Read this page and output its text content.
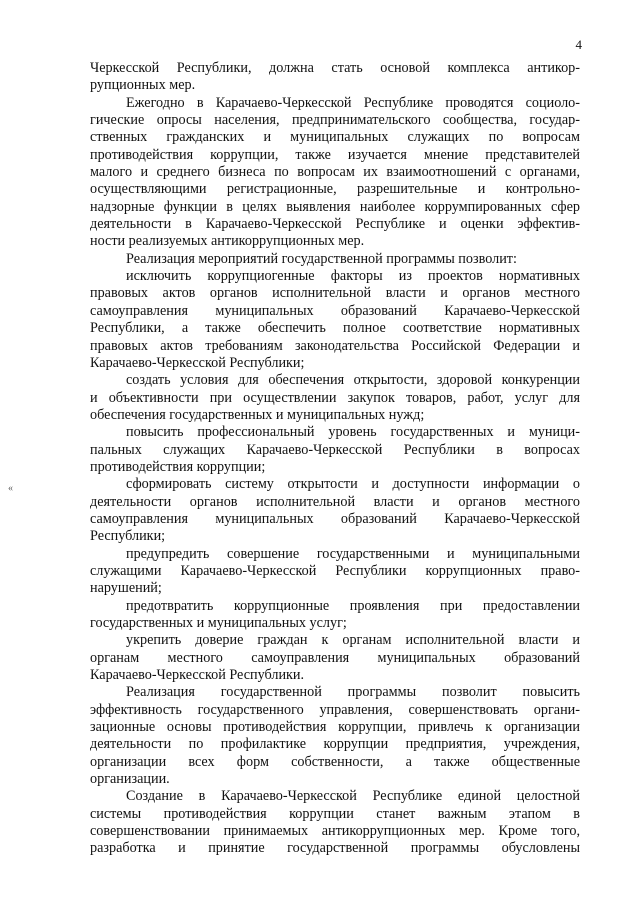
4
«
Черкесской Республики, должна стать основой комплекса антикор-
рупционных мер.
Ежегодно в Карачаево-Черкесской Республике проводятся социоло-
гические опросы населения, предпринимательского сообщества, государ-
ственных гражданских и муниципальных служащих по вопросам
противодействия коррупции, также изучается мнение представителей
малого и среднего бизнеса по вопросам их взаимоотношений с органами,
осуществляющими регистрационные, разрешительные и контрольно-
надзорные функции в целях выявления наиболее коррумпированных сфер
деятельности в Карачаево-Черкесской Республике и оценки эффектив-
ности реализуемых антикоррупционных мер.
Реализация мероприятий государственной программы позволит:
исключить коррупциогенные факторы из проектов нормативных
правовых актов органов исполнительной власти и органов местного
самоуправления муниципальных образований Карачаево-Черкесской
Республики, а также обеспечить полное соответствие нормативных
правовых актов требованиям законодательства Российской Федерации и
Карачаево-Черкесской Республики;
создать условия для обеспечения открытости, здоровой конкуренции
и объективности при осуществлении закупок товаров, работ, услуг для
обеспечения государственных и муниципальных нужд;
повысить профессиональный уровень государственных и муници-
пальных служащих Карачаево-Черкесской Республики в вопросах
противодействия коррупции;
сформировать систему открытости и доступности информации о
деятельности органов исполнительной власти и органов местного
самоуправления муниципальных образований Карачаево-Черкесской
Республики;
предупредить совершение государственными и муниципальными
служащими Карачаево-Черкесской Республики коррупционных право-
нарушений;
предотвратить коррупционные проявления при предоставлении
государственных и муниципальных услуг;
укрепить доверие граждан к органам исполнительной власти и
органам местного самоуправления муниципальных образований
Карачаево-Черкесской Республики.
Реализация государственной программы позволит повысить
эффективность государственного управления, совершенствовать органи-
зационные основы противодействия коррупции, привлечь к организации
деятельности по профилактике коррупции предприятия, учреждения,
организации всех форм собственности, а также общественные
организации.
Создание в Карачаево-Черкесской Республике единой целостной
системы противодействия коррупции станет важным этапом в
совершенствовании принимаемых антикоррупционных мер. Кроме того,
разработка и принятие государственной программы обусловлены
